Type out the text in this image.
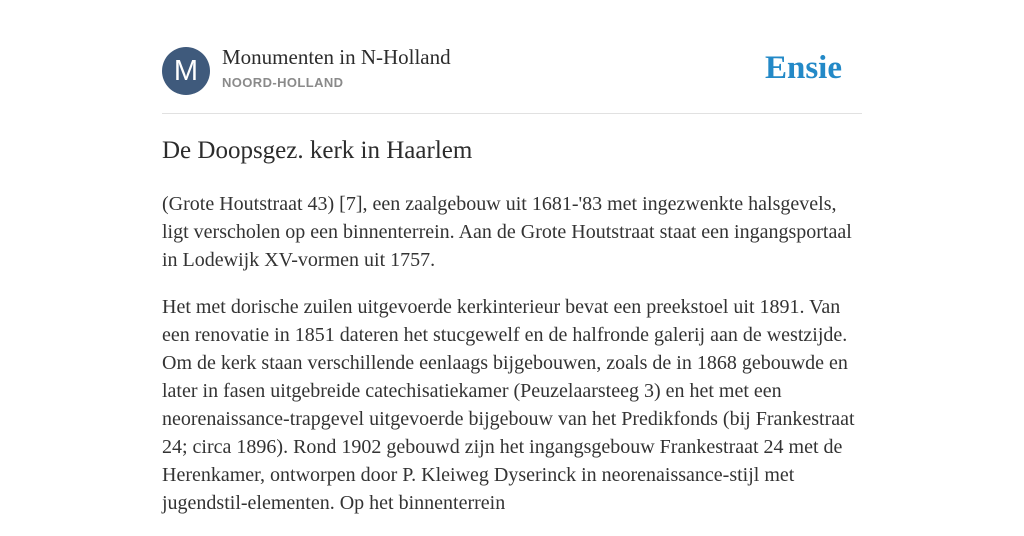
M	Monumenten in N-Holland
NOORD-HOLLAND	Ensie
De Doopsgez. kerk in Haarlem

(Grote Houtstraat 43) [7], een zaalgebouw uit 1681-'83 met ingezwenkte halsgevels, ligt verscholen op een binnenterrein. Aan de Grote Houtstraat staat een ingangsportaal in Lodewijk XV-vormen uit 1757.

Het met dorische zuilen uitgevoerde kerkinterieur bevat een preekstoel uit 1891. Van een renovatie in 1851 dateren het stucgewelf en de halfronde galerij aan de westzijde. Om de kerk staan verschillende eenlaags bijgebouwen, zoals de in 1868 gebouwde en later in fasen uitgebreide catechisatiekamer (Peuzelaarsteeg 3) en het met een neorenaissance-trapgevel uitgevoerde bijgebouw van het Predikfonds (bij Frankestraat 24; circa 1896). Rond 1902 gebouwd zijn het ingangsgebouw Frankestraat 24 met de Herenkamer, ontworpen door P. Kleiweg Dyserinck in neorenaissance-stijl met jugendstil-elementen. Op het binnenterrein
